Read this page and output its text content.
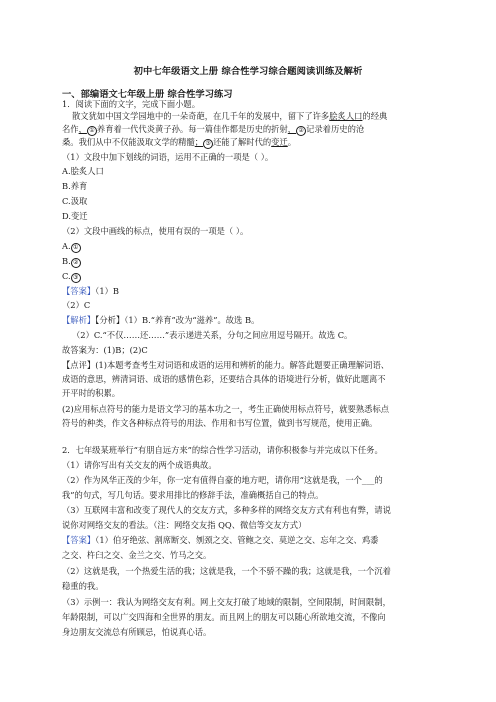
初中七年级语文上册 综合性学习综合题阅读训练及解析
一、部编语文七年级上册 综合性学习练习
1．阅读下面的文字，完成下面小题。
散文犹如中国文学园地中的一朵奇葩，在几千年的发展中，留下了许多脍炙人口的经典
名作， ① 养育着一代代炎黄子孙。每一篇佳作都是历史的折射， ② 记录着历史的沧
桑。我们从中不仅能汲取文学的精髓； ③ 还能了解时代的变迁。
（1）文段中加下划线的词语，运用不正确的一项是（ ）。
A.脍炙人口
B.养育
C.汲取
D.变迁
（2）文段中画线的标点，使用有误的一项是（ ）。
A. ①
B. ②
C. ③
【答案】（1）B
（2）C
【解析】【分析】（1）B.“养育”改为“滋养”。故选 B。
（2）C.“不仅……还……”表示递进关系，分句之间应用逗号隔开。故选 C。
故答案为：(1)B；(2)C
【点评】(1)本题考查考生对词语和成语的运用和辨析的能力。解答此题要正确理解词语、
成语的意思，辨清词语、成语的感情色彩，还要结合具体的语境进行分析，做好此题离不
开平时的积累。
(2)应用标点符号的能力是语文学习的基本功之一，考生正确使用标点符号，就要熟悉标点
符号的种类，作文各种标点符号的用法、作用和书写位置，做到书写规范，使用正确。
2．七年级某班举行“有朋自远方来”的综合性学习活动，请你积极参与并完成以下任务。
（1）请你写出有关交友的两个成语典故。
（2）作为风华正茂的少年，你一定有值得自豪的地方吧，请你用“这就是我，一个___的
我”的句式，写几句话。要求用排比的修辞手法，准确概括自己的特点。
（3）互联网丰富和改变了现代人的交友方式，多种多样的网络交友方式有利也有弊，请说
说你对网络交友的看法。（注：网络交友指 QQ、微信等交友方式）
【答案】（1）伯牙绝弦、割席断交、刎颈之交、管鲍之交、莫逆之交、忘年之交、鸡黍
之交、杵臼之交、金兰之交、竹马之交。
（2）这就是我，一个热爱生活的我；这就是我，一个不骄不躁的我；这就是我，一个沉着
稳重的我。
（3）示例一：我认为网络交友有利。网上交友打破了地域的限制，空间限制，时间限制，
年龄限制，可以广交四海和全世界的朋友。而且网上的朋友可以随心所欲地交流，不像向
身边朋友交流总有所顾忌，怕说真心话。
